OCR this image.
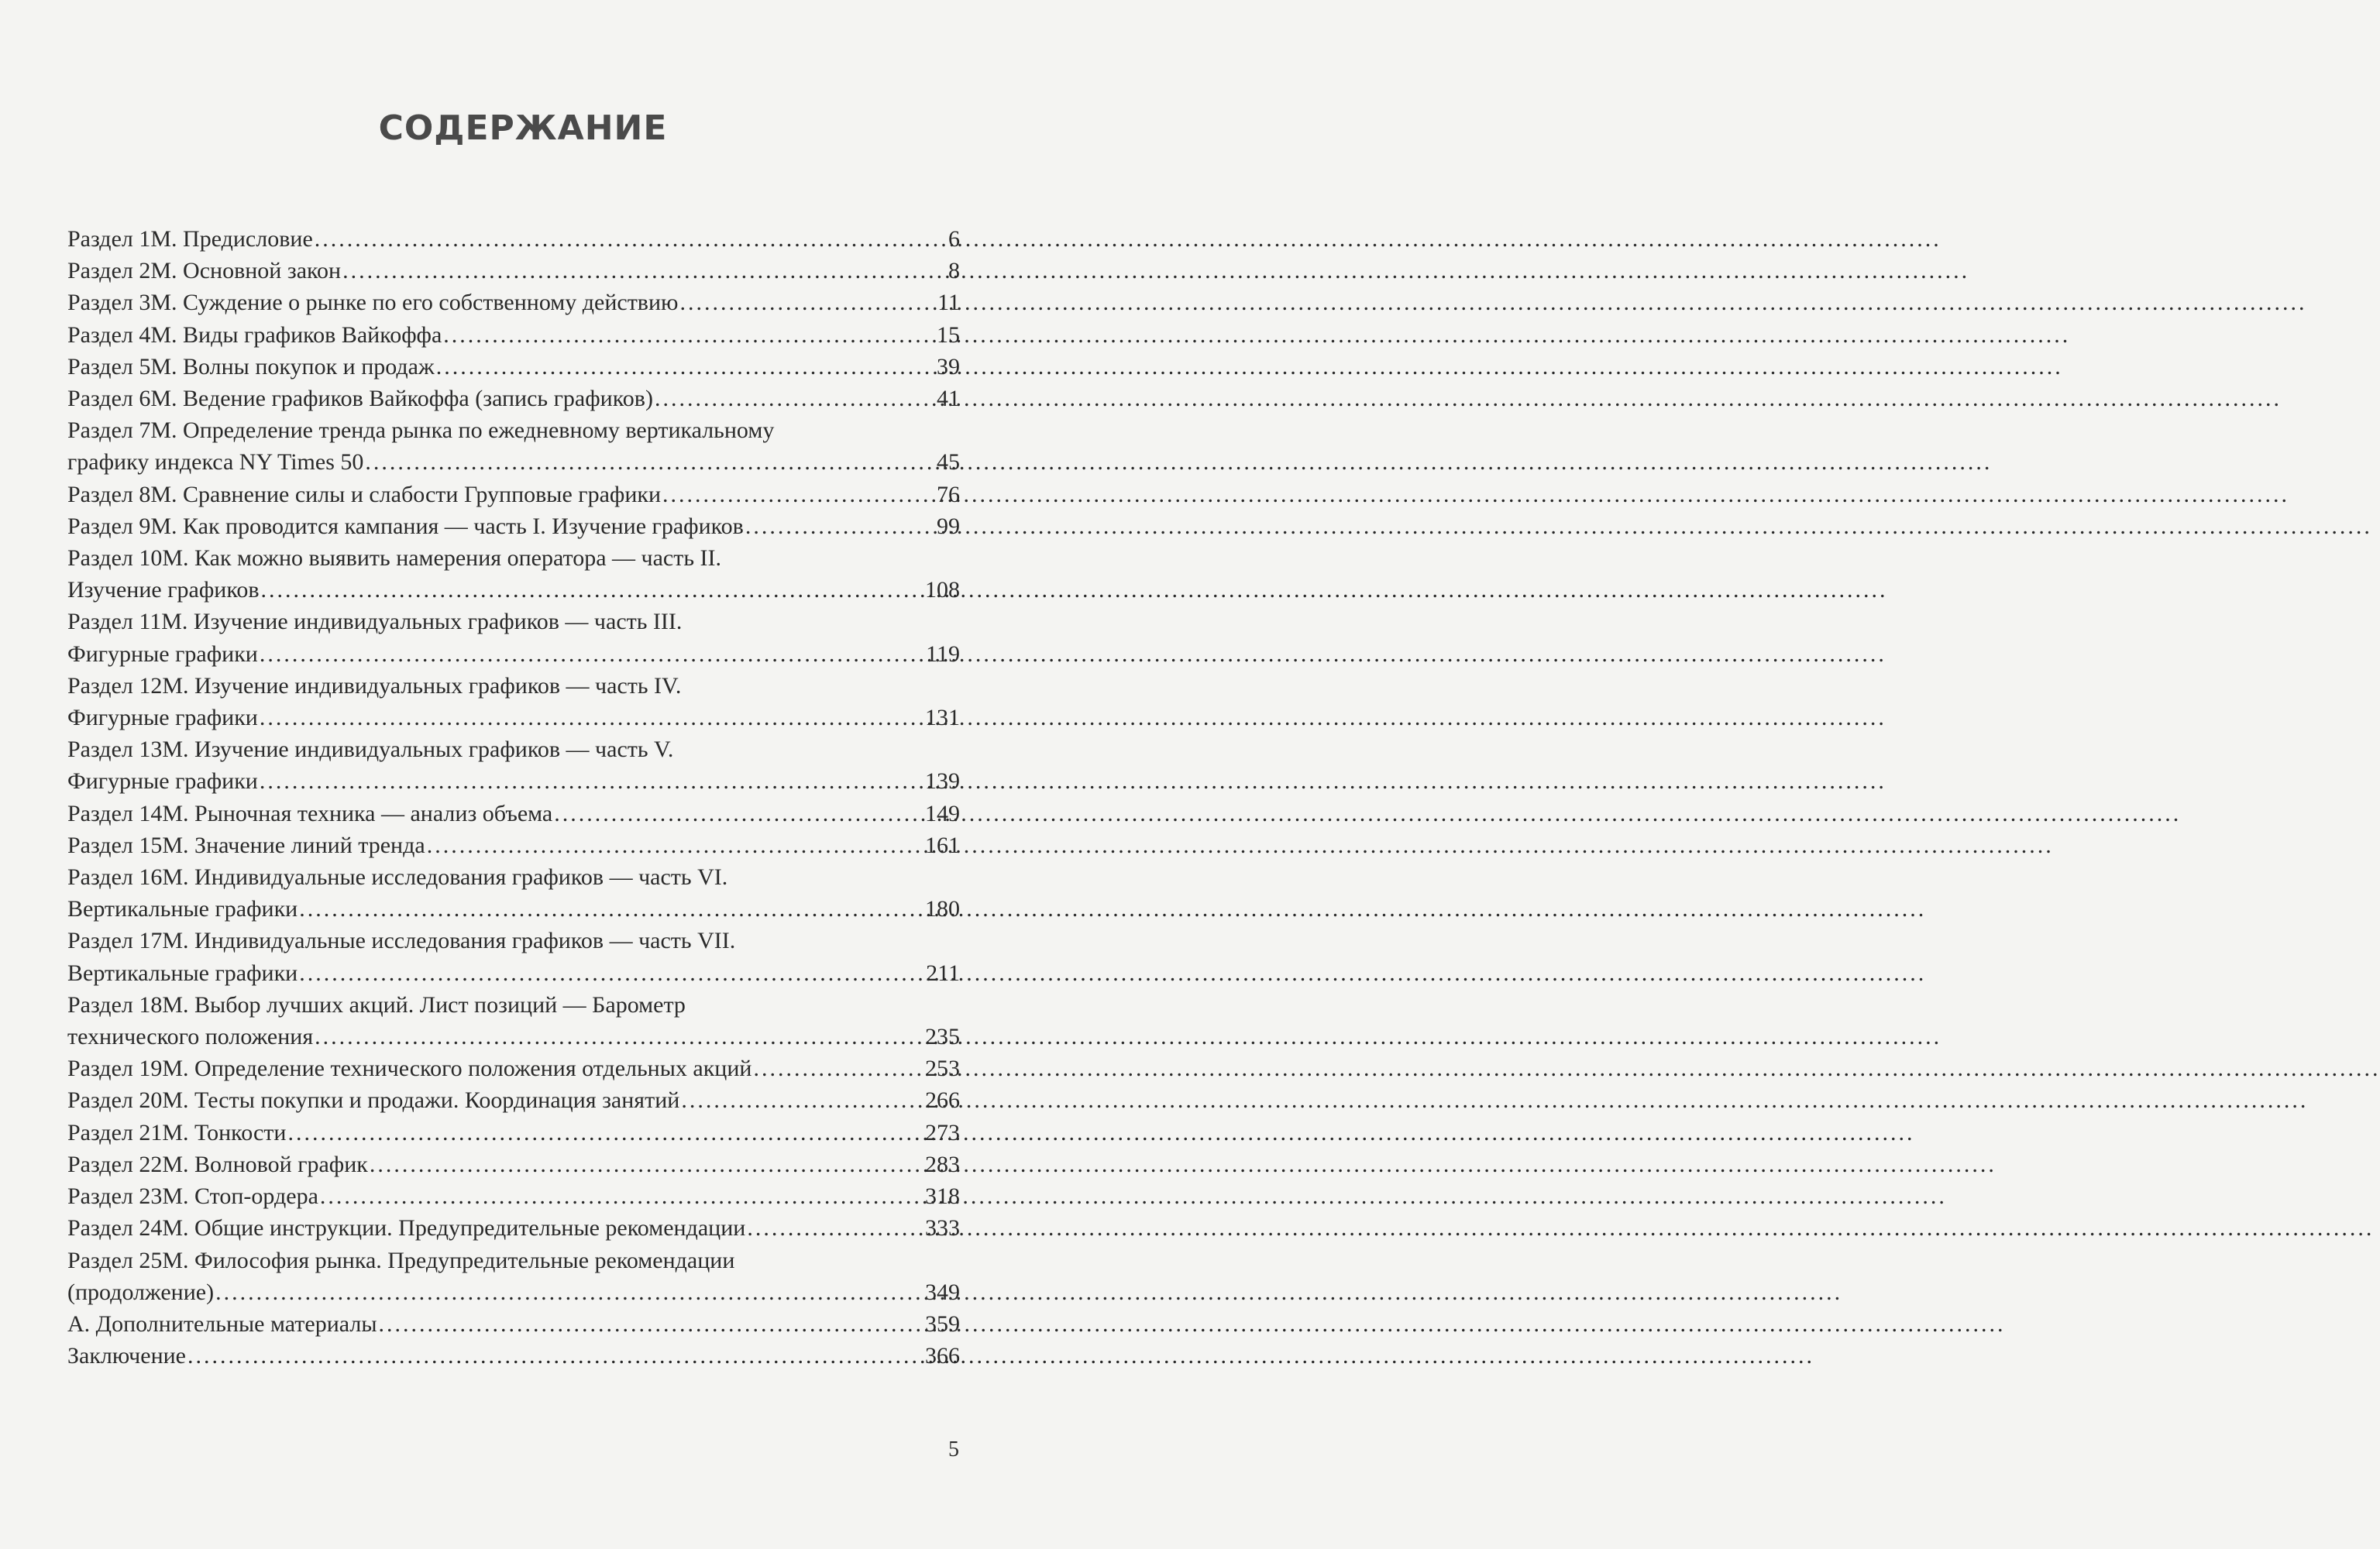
СОДЕРЖАНИЕ
Раздел 1М. Предисловие .....	6
Раздел 2М. Основной закон .....	8
Раздел 3М. Суждение о рынке по его собственному действию .....	11
Раздел 4М. Виды графиков Вайкоффа .....	15
Раздел 5М. Волны покупок и продаж .....	39
Раздел 6М. Ведение графиков Вайкоффа (запись графиков) .....	41
Раздел 7М. Определение тренда рынка по ежедневному вертикальному
графику индекса NY Times 50 .....	45
Раздел 8М. Сравнение силы и слабости Групповые графики .....	76
Раздел 9М. Как проводится кампания — часть I. Изучение графиков .....	99
Раздел 10М. Как можно выявить намерения оператора — часть II.
Изучение графиков .....	108
Раздел 11М. Изучение индивидуальных графиков — часть III.
Фигурные графики .....	119
Раздел 12М. Изучение индивидуальных графиков — часть IV.
Фигурные графики .....	131
Раздел 13М. Изучение индивидуальных графиков — часть V.
Фигурные графики .....	139
Раздел 14М. Рыночная техника — анализ объема .....	149
Раздел 15М. Значение линий тренда .....	161
Раздел 16М. Индивидуальные исследования графиков — часть VI.
Вертикальные графики .....	180
Раздел 17М. Индивидуальные исследования графиков — часть VII.
Вертикальные графики .....	211
Раздел 18М. Выбор лучших акций. Лист позиций — Барометр
технического положения .....	235
Раздел 19М. Определение технического положения отдельных акций .....	253
Раздел 20М. Тесты покупки и продажи. Координация занятий .....	266
Раздел 21М. Тонкости .....	273
Раздел 22М. Волновой график .....	283
Раздел 23М. Стоп-ордера .....	318
Раздел 24М. Общие инструкции. Предупредительные рекомендации .....	333
Раздел 25М. Философия рынка. Предупредительные рекомендации
(продолжение) .....	349
А. Дополнительные материалы .....	359
Заключение .....	366
5
